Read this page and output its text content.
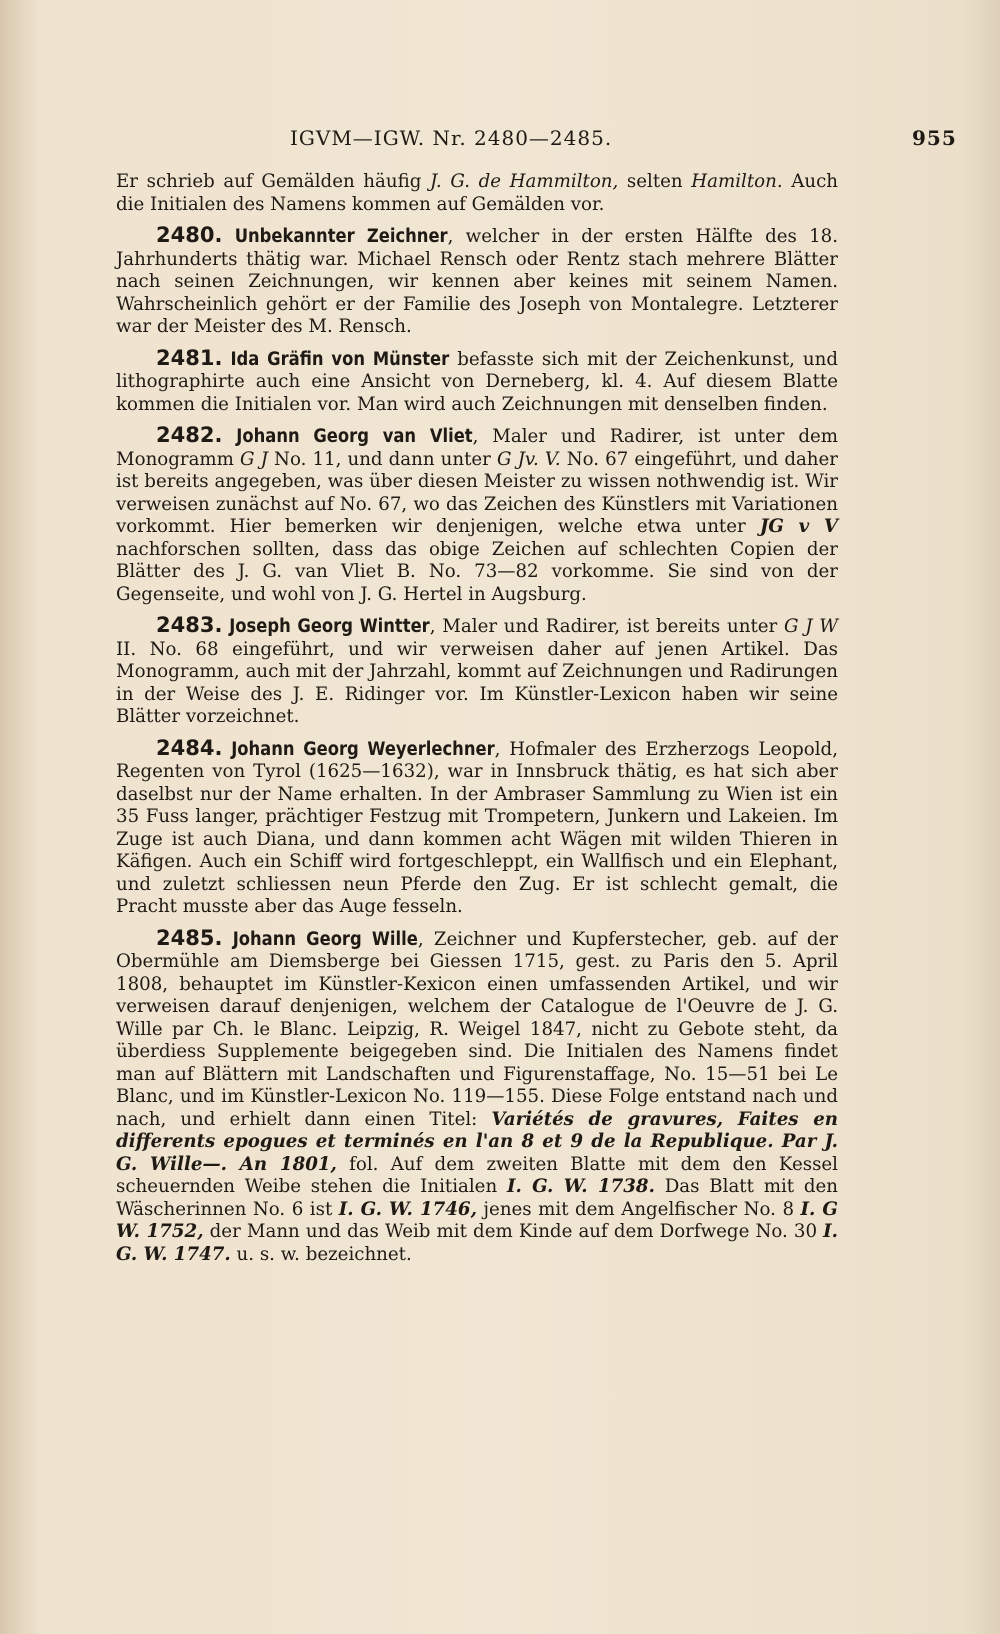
IGVM—IGW. Nr. 2480—2485.	955

Er schrieb auf Gemälden häufig J. G. de Hammilton, selten Hamilton. Auch die Initialen des Namens kommen auf Gemälden vor.

2480. Unbekannter Zeichner, welcher in der ersten Hälfte des 18. Jahrhunderts thätig war. Michael Rensch oder Rentz stach mehrere Blätter nach seinen Zeichnungen, wir kennen aber keines mit seinem Namen. Wahrscheinlich gehört er der Familie des Joseph von Montalegre. Letzterer war der Meister des M. Rensch.

2481. Ida Gräfin von Münster befasste sich mit der Zeichenkunst, und lithographirte auch eine Ansicht von Derneberg, kl. 4. Auf diesem Blatte kommen die Initialen vor. Man wird auch Zeichnungen mit denselben finden.

2482. Johann Georg van Vliet, Maler und Radirer, ist unter dem Monogramm G J No. 11, und dann unter G Jv. V. No. 67 eingeführt, und daher ist bereits angegeben, was über diesen Meister zu wissen nothwendig ist. Wir verweisen zunächst auf No. 67, wo das Zeichen des Künstlers mit Variationen vorkommt. Hier bemerken wir denjenigen, welche etwa unter JG v V nachforschen sollten, dass das obige Zeichen auf schlechten Copien der Blätter des J. G. van Vliet B. No. 73—82 vorkomme. Sie sind von der Gegenseite, und wohl von J. G. Hertel in Augsburg.

2483. Joseph Georg Wintter, Maler und Radirer, ist bereits unter G J W II. No. 68 eingeführt, und wir verweisen daher auf jenen Artikel. Das Monogramm, auch mit der Jahrzahl, kommt auf Zeichnungen und Radirungen in der Weise des J. E. Ridinger vor. Im Künstler-Lexicon haben wir seine Blätter vorzeichnet.

2484. Johann Georg Weyerlechner, Hofmaler des Erzherzogs Leopold, Regenten von Tyrol (1625—1632), war in Innsbruck thätig, es hat sich aber daselbst nur der Name erhalten. In der Ambraser Sammlung zu Wien ist ein 35 Fuss langer, prächtiger Festzug mit Trompetern, Junkern und Lakeien. Im Zuge ist auch Diana, und dann kommen acht Wägen mit wilden Thieren in Käfigen. Auch ein Schiff wird fortgeschleppt, ein Wallfisch und ein Elephant, und zuletzt schliessen neun Pferde den Zug. Er ist schlecht gemalt, die Pracht musste aber das Auge fesseln.

2485. Johann Georg Wille, Zeichner und Kupferstecher, geb. auf der Obermühle am Diemsberge bei Giessen 1715, gest. zu Paris den 5. April 1808, behauptet im Künstler-Kexicon einen umfassenden Artikel, und wir verweisen darauf denjenigen, welchem der Catalogue de l'Oeuvre de J. G. Wille par Ch. le Blanc. Leipzig, R. Weigel 1847, nicht zu Gebote steht, da überdiess Supplemente beigegeben sind. Die Initialen des Namens findet man auf Blättern mit Landschaften und Figurenstaffage, No. 15—51 bei Le Blanc, und im Künstler-Lexicon No. 119—155. Diese Folge entstand nach und nach, und erhielt dann einen Titel: Variétés de gravures, Faites en differents epogues et terminés en l'an 8 et 9 de la Republique. Par J. G. Wille—. An 1801, fol. Auf dem zweiten Blatte mit dem den Kessel scheuernden Weibe stehen die Initialen I. G. W. 1738. Das Blatt mit den Wäscherinnen No. 6 ist I. G. W. 1746, jenes mit dem Angelfischer No. 8 I. G W. 1752, der Mann und das Weib mit dem Kinde auf dem Dorfwege No. 30 I. G. W. 1747. u. s. w. bezeichnet.
